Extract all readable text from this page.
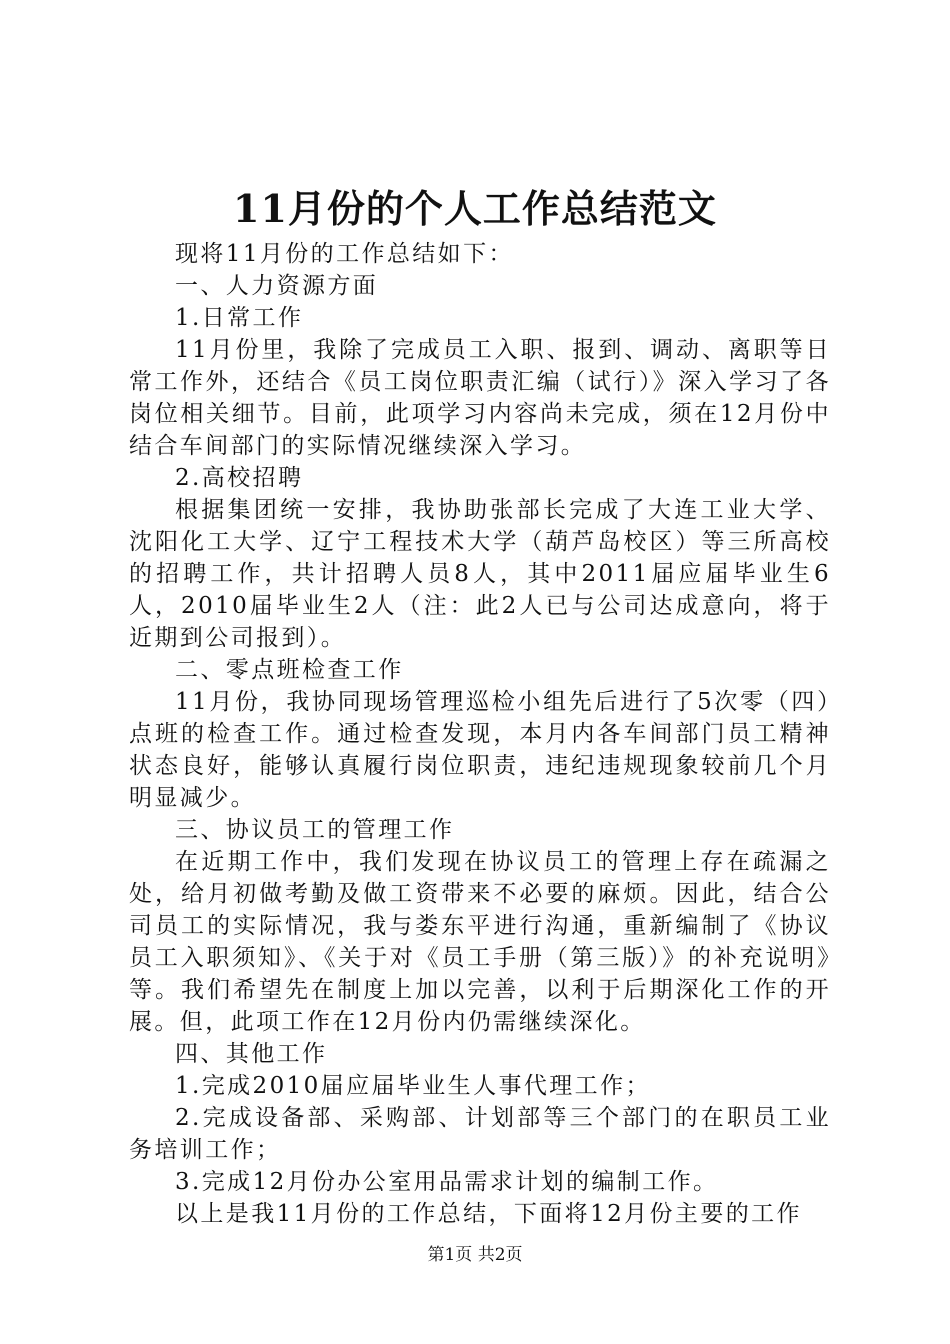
11月份的个人工作总结范文

现将11月份的工作总结如下：

一、人力资源方面

1.日常工作

11月份里，我除了完成员工入职、报到、调动、离职等日常工作外，还结合《员工岗位职责汇编（试行）》深入学习了各岗位相关细节。目前，此项学习内容尚未完成，须在12月份中结合车间部门的实际情况继续深入学习。

2.高校招聘

根据集团统一安排，我协助张部长完成了大连工业大学、沈阳化工大学、辽宁工程技术大学（葫芦岛校区）等三所高校的招聘工作，共计招聘人员8人，其中2011届应届毕业生6人，2010届毕业生2人（注：此2人已与公司达成意向，将于近期到公司报到）。

二、零点班检查工作

11月份，我协同现场管理巡检小组先后进行了5次零（四）点班的检查工作。通过检查发现，本月内各车间部门员工精神状态良好，能够认真履行岗位职责，违纪违规现象较前几个月明显减少。

三、协议员工的管理工作

在近期工作中，我们发现在协议员工的管理上存在疏漏之处，给月初做考勤及做工资带来不必要的麻烦。因此，结合公司员工的实际情况，我与娄东平进行沟通，重新编制了《协议员工入职须知》、《关于对《员工手册（第三版）》的补充说明》等。我们希望先在制度上加以完善，以利于后期深化工作的开展。但，此项工作在12月份内仍需继续深化。

四、其他工作

1.完成2010届应届毕业生人事代理工作；

2.完成设备部、采购部、计划部等三个部门的在职员工业务培训工作；

3.完成12月份办公室用品需求计划的编制工作。

以上是我11月份的工作总结，下面将12月份主要的工作

第1页 共2页
